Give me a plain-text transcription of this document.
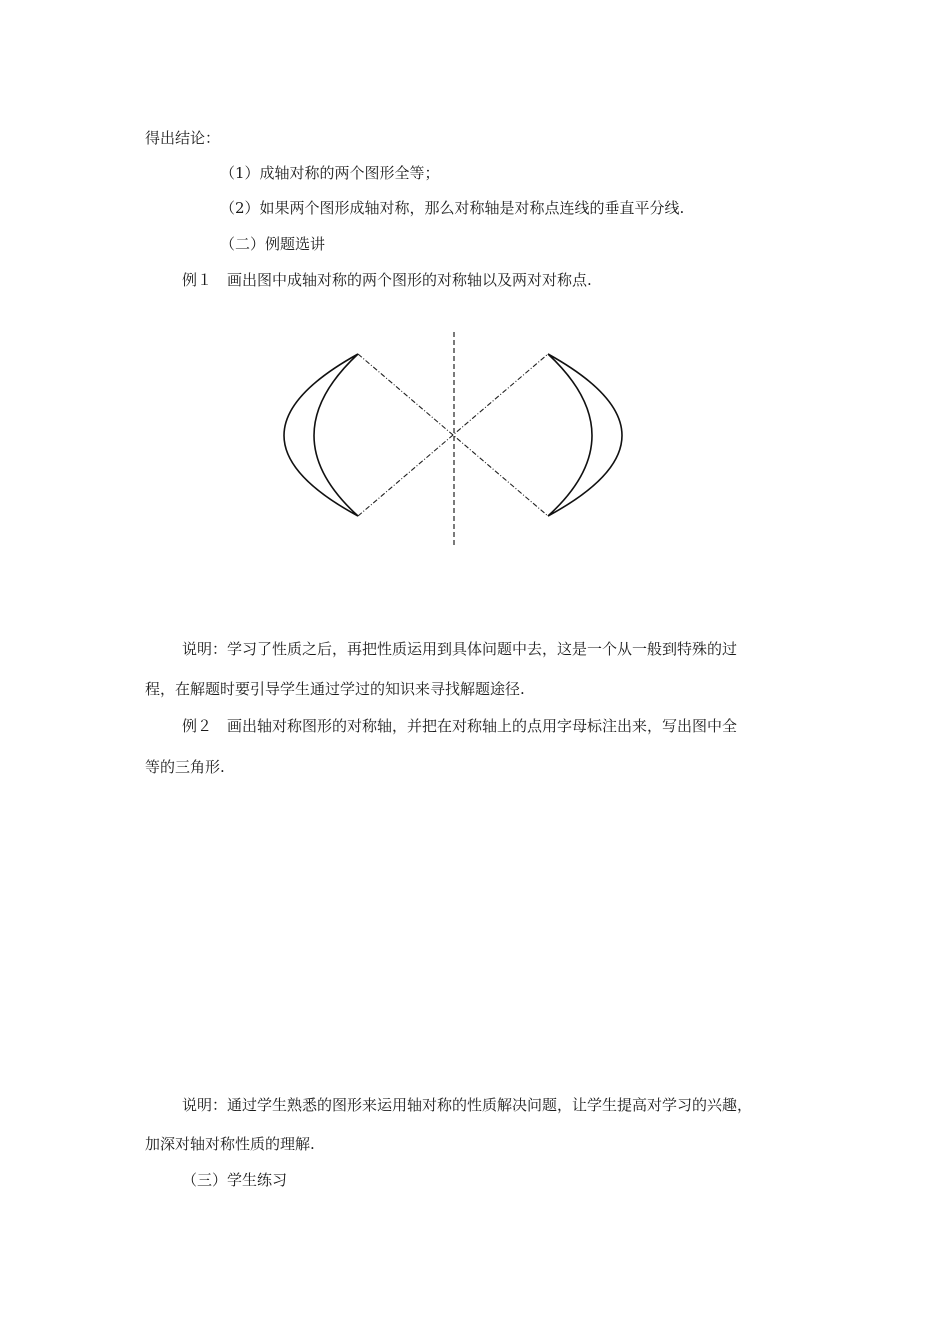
得出结论：
（1）成轴对称的两个图形全等；
（2）如果两个图形成轴对称，那么对称轴是对称点连线的垂直平分线.
（二）例题选讲
例１　画出图中成轴对称的两个图形的对称轴以及两对对称点.
说明：学习了性质之后，再把性质运用到具体问题中去，这是一个从一般到特殊的过
程，在解题时要引导学生通过学过的知识来寻找解题途径.
例２　画出轴对称图形的对称轴，并把在对称轴上的点用字母标注出来，写出图中全
等的三角形.
说明：通过学生熟悉的图形来运用轴对称的性质解决问题，让学生提高对学习的兴趣，
加深对轴对称性质的理解.
（三）学生练习
